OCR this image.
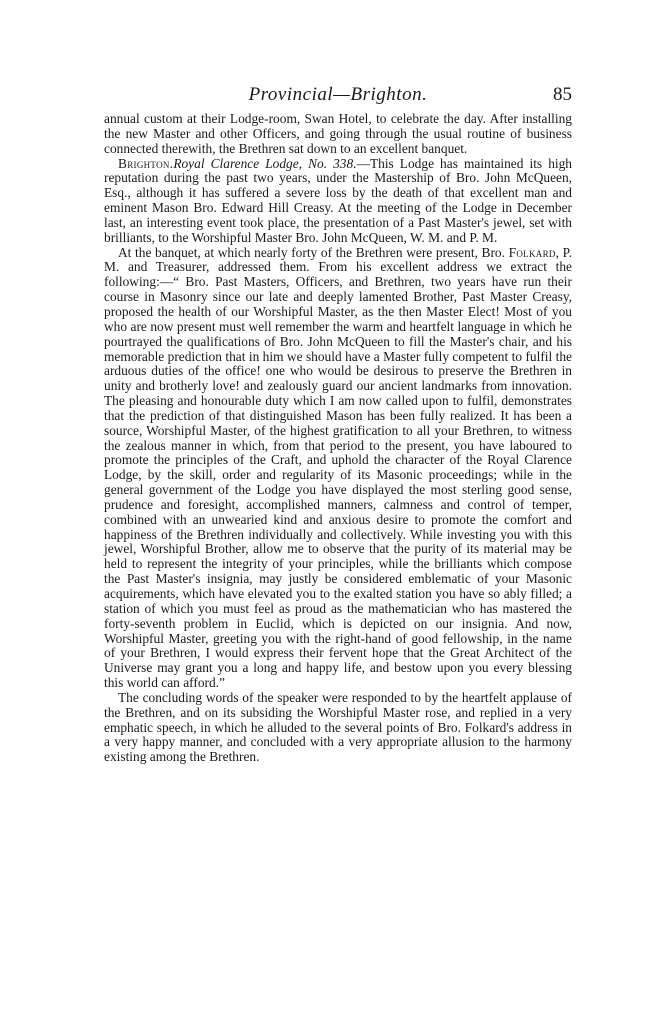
Provincial—Brighton.	85

annual custom at their Lodge-room, Swan Hotel, to celebrate the day. After installing the new Master and other Officers, and going through the usual routine of business connected therewith, the Brethren sat down to an excellent banquet.

Brighton.Royal Clarence Lodge, No. 338.—This Lodge has maintained its high reputation during the past two years, under the Mastership of Bro. John McQueen, Esq., although it has suffered a severe loss by the death of that excellent man and eminent Mason Bro. Edward Hill Creasy. At the meeting of the Lodge in December last, an interesting event took place, the presentation of a Past Master's jewel, set with brilliants, to the Worshipful Master Bro. John McQueen, W. M. and P. M.

At the banquet, at which nearly forty of the Brethren were present, Bro. Folkard, P. M. and Treasurer, addressed them. From his excellent address we extract the following:—“ Bro. Past Masters, Officers, and Brethren, two years have run their course in Masonry since our late and deeply lamented Brother, Past Master Creasy, proposed the health of our Worshipful Master, as the then Master Elect! Most of you who are now present must well remember the warm and heartfelt language in which he pourtrayed the qualifications of Bro. John McQueen to fill the Master's chair, and his memorable prediction that in him we should have a Master fully competent to fulfil the arduous duties of the office! one who would be desirous to preserve the Brethren in unity and brotherly love! and zealously guard our ancient landmarks from innovation. The pleasing and honourable duty which I am now called upon to fulfil, demonstrates that the prediction of that distinguished Mason has been fully realized. It has been a source, Worshipful Master, of the highest gratification to all your Brethren, to witness the zealous manner in which, from that period to the present, you have laboured to promote the principles of the Craft, and uphold the character of the Royal Clarence Lodge, by the skill, order and regularity of its Masonic proceedings; while in the general government of the Lodge you have displayed the most sterling good sense, prudence and foresight, accomplished manners, calmness and control of temper, combined with an unwearied kind and anxious desire to promote the comfort and happiness of the Brethren individually and collectively. While investing you with this jewel, Worshipful Brother, allow me to observe that the purity of its material may be held to represent the integrity of your principles, while the brilliants which compose the Past Master's insignia, may justly be considered emblematic of your Masonic acquirements, which have elevated you to the exalted station you have so ably filled; a station of which you must feel as proud as the mathematician who has mastered the forty-seventh problem in Euclid, which is depicted on our insignia. And now, Worshipful Master, greeting you with the right-hand of good fellowship, in the name of your Brethren, I would express their fervent hope that the Great Architect of the Universe may grant you a long and happy life, and bestow upon you every blessing this world can afford.”

The concluding words of the speaker were responded to by the heartfelt applause of the Brethren, and on its subsiding the Worshipful Master rose, and replied in a very emphatic speech, in which he alluded to the several points of Bro. Folkard's address in a very happy manner, and concluded with a very appropriate allusion to the harmony existing among the Brethren.
